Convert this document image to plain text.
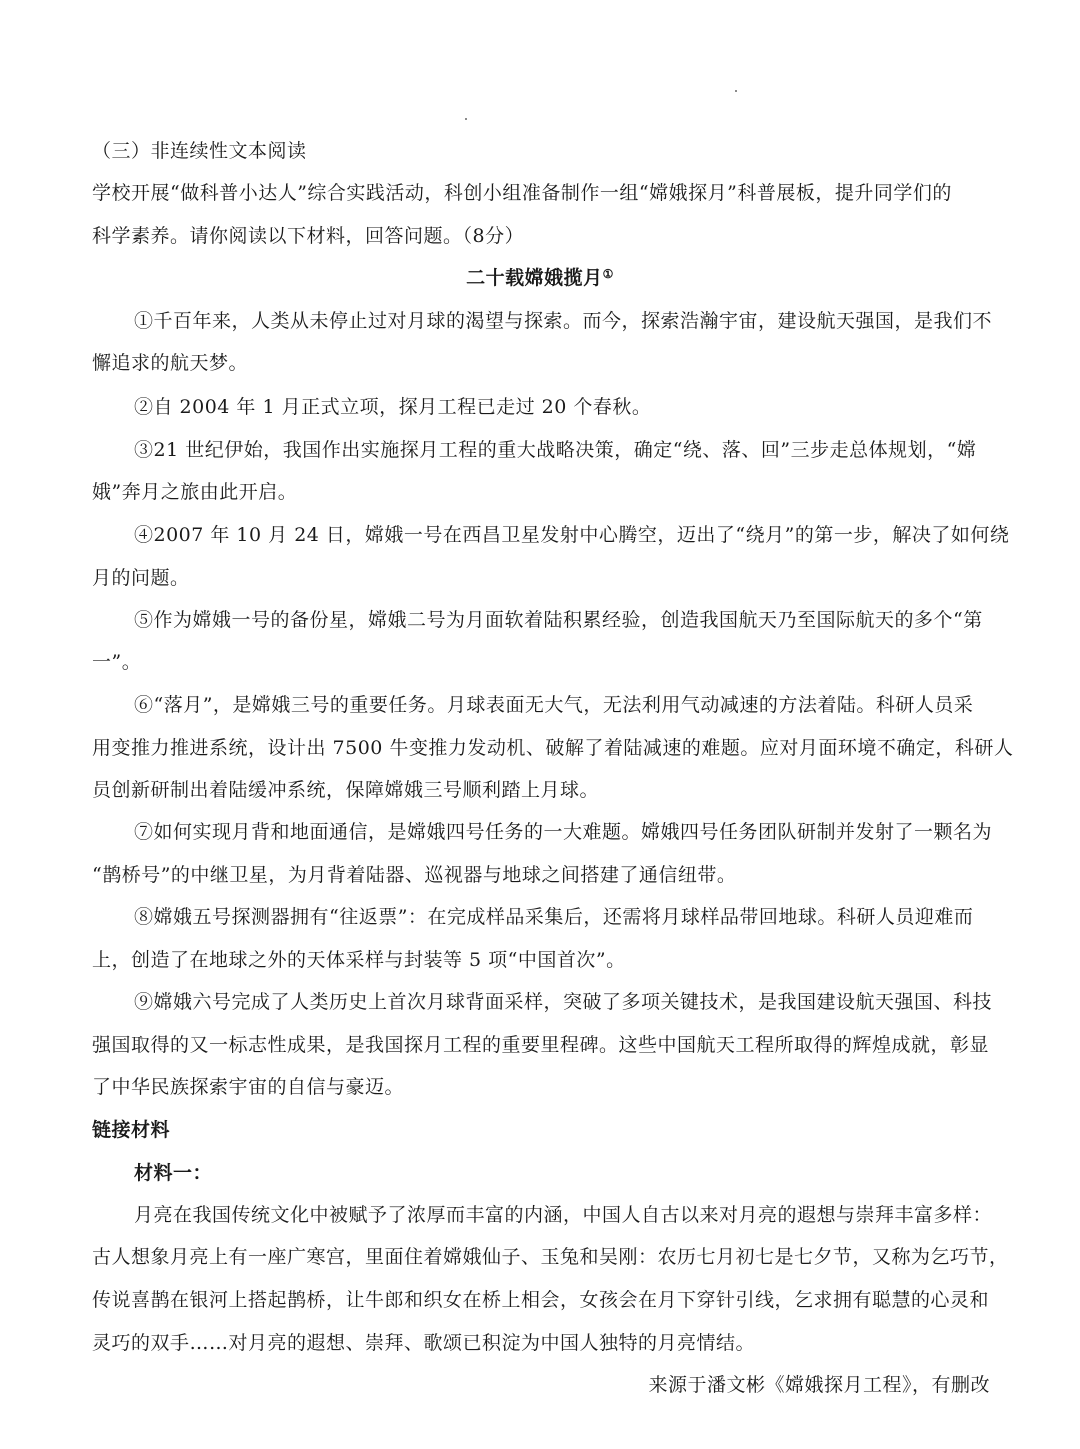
（三）非连续性文本阅读
学校开展“做科普小达人”综合实践活动，科创小组准备制作一组“嫦娥探月”科普展板，提升同学们的
科学素养。请你阅读以下材料，回答问题。（8分）
二十载嫦娥揽月①
①千百年来，人类从未停止过对月球的渴望与探索。而今，探索浩瀚宇宙，建设航天强国，是我们不
懈追求的航天梦。
②自 2004 年 1 月正式立项，探月工程已走过 20 个春秋。
③21 世纪伊始，我国作出实施探月工程的重大战略决策，确定“绕、落、回”三步走总体规划，“嫦
娥”奔月之旅由此开启。
④2007 年 10 月 24 日，嫦娥一号在西昌卫星发射中心腾空，迈出了“绕月”的第一步，解决了如何绕
月的问题。
⑤作为嫦娥一号的备份星，嫦娥二号为月面软着陆积累经验，创造我国航天乃至国际航天的多个“第
一”。
⑥“落月”，是嫦娥三号的重要任务。月球表面无大气，无法利用气动减速的方法着陆。科研人员采
用变推力推进系统，设计出 7500 牛变推力发动机、破解了着陆减速的难题。应对月面环境不确定，科研人
员创新研制出着陆缓冲系统，保障嫦娥三号顺利踏上月球。
⑦如何实现月背和地面通信，是嫦娥四号任务的一大难题。嫦娥四号任务团队研制并发射了一颗名为
“鹊桥号”的中继卫星，为月背着陆器、巡视器与地球之间搭建了通信纽带。
⑧嫦娥五号探测器拥有“往返票”：在完成样品采集后，还需将月球样品带回地球。科研人员迎难而
上，创造了在地球之外的天体采样与封装等 5 项“中国首次”。
⑨嫦娥六号完成了人类历史上首次月球背面采样，突破了多项关键技术，是我国建设航天强国、科技
强国取得的又一标志性成果，是我国探月工程的重要里程碑。这些中国航天工程所取得的辉煌成就，彰显
了中华民族探索宇宙的自信与豪迈。
链接材料
材料一：
月亮在我国传统文化中被赋予了浓厚而丰富的内涵，中国人自古以来对月亮的遐想与崇拜丰富多样：
古人想象月亮上有一座广寒宫，里面住着嫦娥仙子、玉兔和吴刚：农历七月初七是七夕节，又称为乞巧节，
传说喜鹊在银河上搭起鹊桥，让牛郎和织女在桥上相会，女孩会在月下穿针引线，乞求拥有聪慧的心灵和
灵巧的双手……对月亮的遐想、崇拜、歌颂已积淀为中国人独特的月亮情结。
来源于潘文彬《嫦娥探月工程》，有删改
